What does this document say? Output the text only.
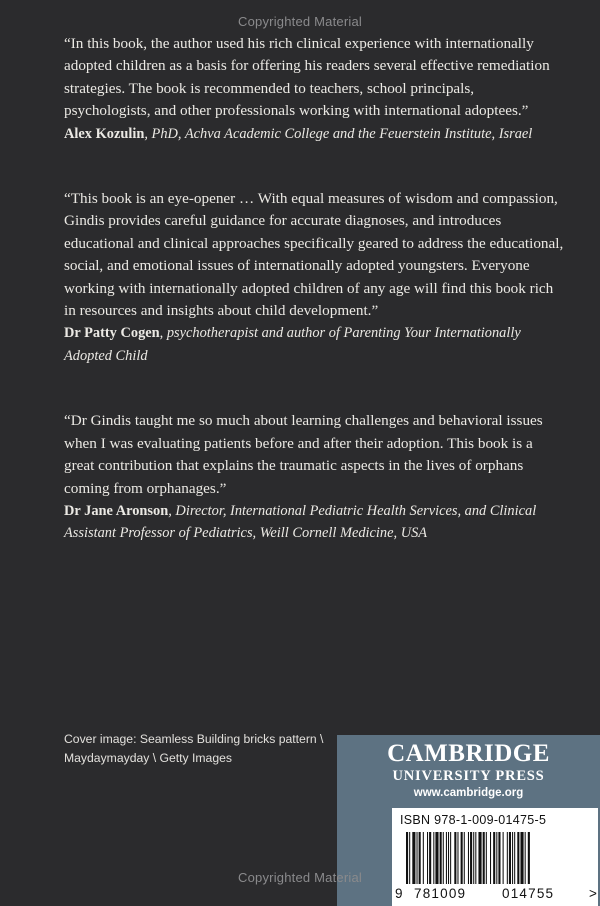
Copyrighted Material

“In this book, the author used his rich clinical experience with internationally adopted children as a basis for offering his readers several effective remediation strategies. The book is recommended to teachers, school principals, psychologists, and other professionals working with international adoptees.”

Alex Kozulin, PhD, Achva Academic College and the Feuerstein Institute, Israel

“This book is an eye-opener … With equal measures of wisdom and compassion, Gindis provides careful guidance for accurate diagnoses, and introduces educational and clinical approaches specifically geared to address the educational, social, and emotional issues of internationally adopted youngsters. Everyone working with internationally adopted children of any age will find this book rich in resources and insights about child development.”

Dr Patty Cogen, psychotherapist and author of Parenting Your Internationally Adopted Child

“Dr Gindis taught me so much about learning challenges and behavioral issues when I was evaluating patients before and after their adoption. This book is a great contribution that explains the traumatic aspects in the lives of orphans coming from orphanages.”

Dr Jane Aronson, Director, International Pediatric Health Services, and Clinical Assistant Professor of Pediatrics, Weill Cornell Medicine, USA

Cover image: Seamless Building bricks pattern \ Maydaymayday \ Getty Images	CAMBRIDGE
UNIVERSITY PRESS
www.cambridge.org
ISBN 978-1-009-01475-5
9 781009	014755	>
Copyrighted Material
